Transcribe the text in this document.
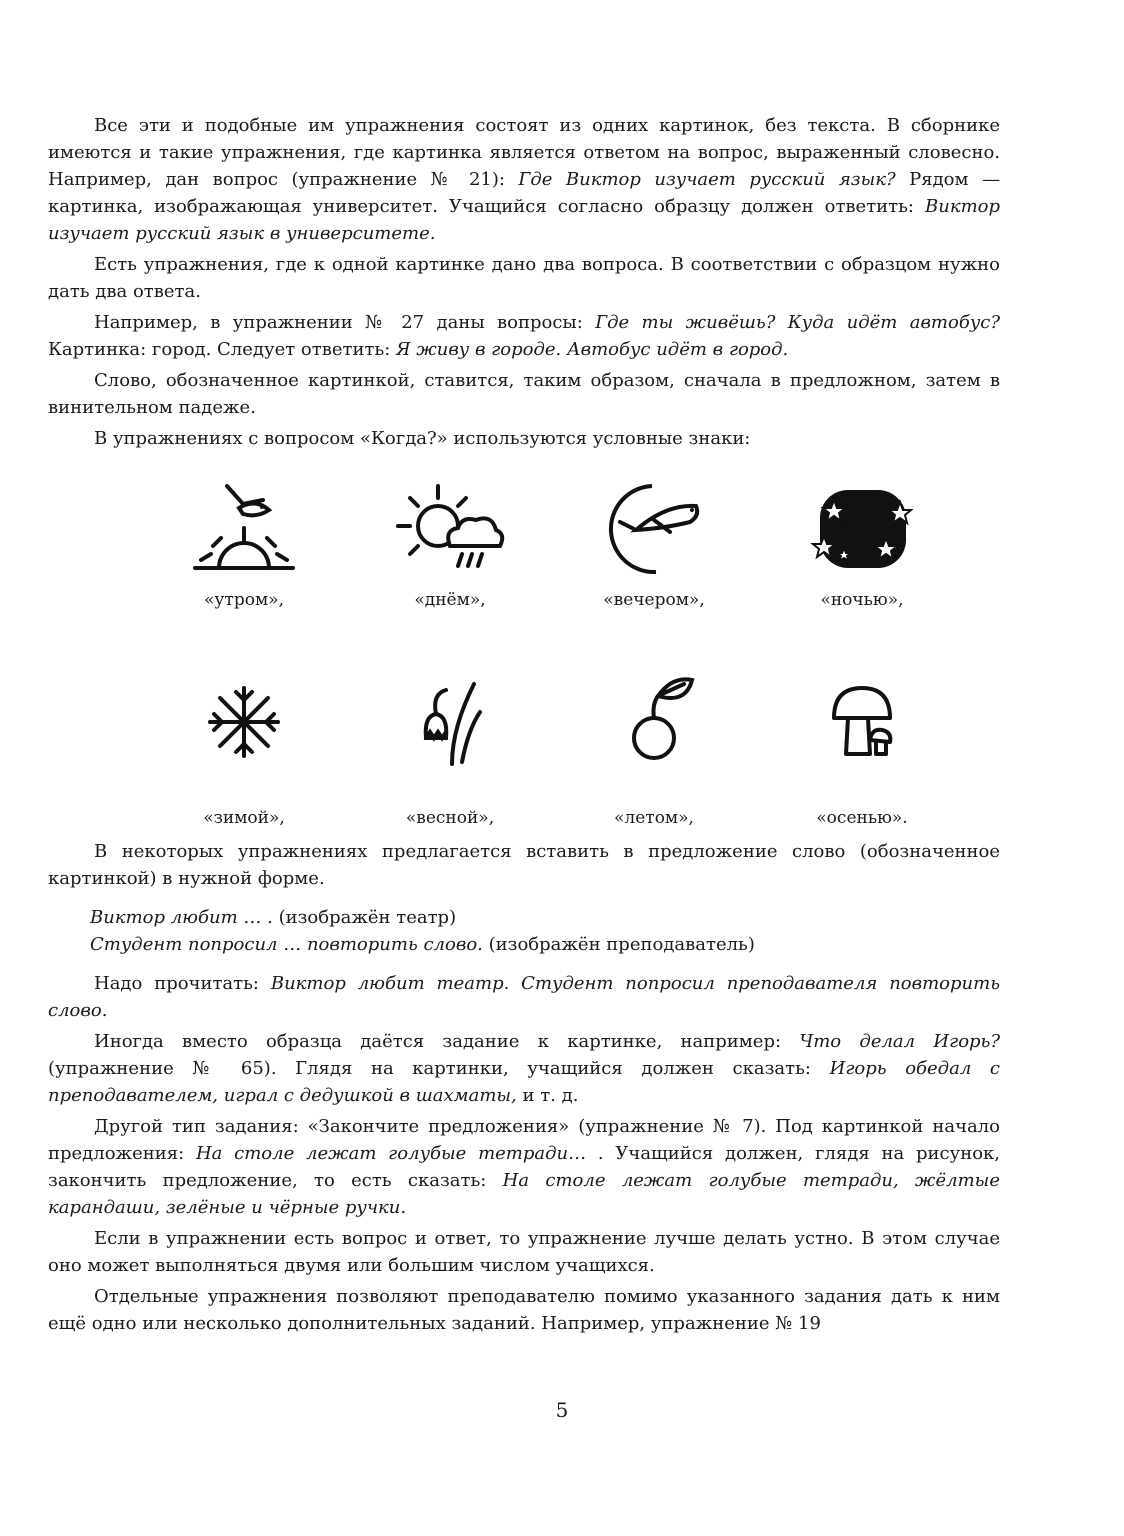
Все эти и подобные им упражнения состоят из одних картинок, без текста. В сборнике имеются и такие упражнения, где картинка является ответом на вопрос, выраженный словесно. Например, дан вопрос (упражнение № 21): Где Виктор изучает русский язык? Рядом — картинка, изображающая университет. Учащийся согласно образцу должен ответить: Виктор изучает русский язык в университете.

Есть упражнения, где к одной картинке дано два вопроса. В соответствии с образцом нужно дать два ответа.

Например, в упражнении № 27 даны вопросы: Где ты живёшь? Куда идёт автобус? Картинка: город. Следует ответить: Я живу в городе. Автобус идёт в город.

Слово, обозначенное картинкой, ставится, таким образом, сначала в предложном, затем в винительном падеже.

В упражнениях с вопросом «Когда?» используются условные знаки:

«утром»,	«днём»,	«вечером»,	«ночью»,
«зимой»,	«весной»,	«летом»,	«осенью».

В некоторых упражнениях предлагается вставить в предложение слово (обозначенное картинкой) в нужной форме.

Виктор любит … . (изображён театр)

Студент попросил … повторить слово. (изображён преподаватель)

Надо прочитать: Виктор любит театр. Студент попросил преподавателя повторить слово.

Иногда вместо образца даётся задание к картинке, например: Что делал Игорь? (упражнение № 65). Глядя на картинки, учащийся должен сказать: Игорь обедал с преподавателем, играл с дедушкой в шахматы, и т. д.

Другой тип задания: «Закончите предложения» (упражнение № 7). Под картинкой начало предложения: На столе лежат голубые тетради… . Учащийся должен, глядя на рисунок, закончить предложение, то есть сказать: На столе лежат голубые тетради, жёлтые карандаши, зелёные и чёрные ручки.

Если в упражнении есть вопрос и ответ, то упражнение лучше делать устно. В этом случае оно может выполняться двумя или большим числом учащихся.

Отдельные упражнения позволяют преподавателю помимо указанного задания дать к ним ещё одно или несколько дополнительных заданий. Например, упражнение № 19

5
